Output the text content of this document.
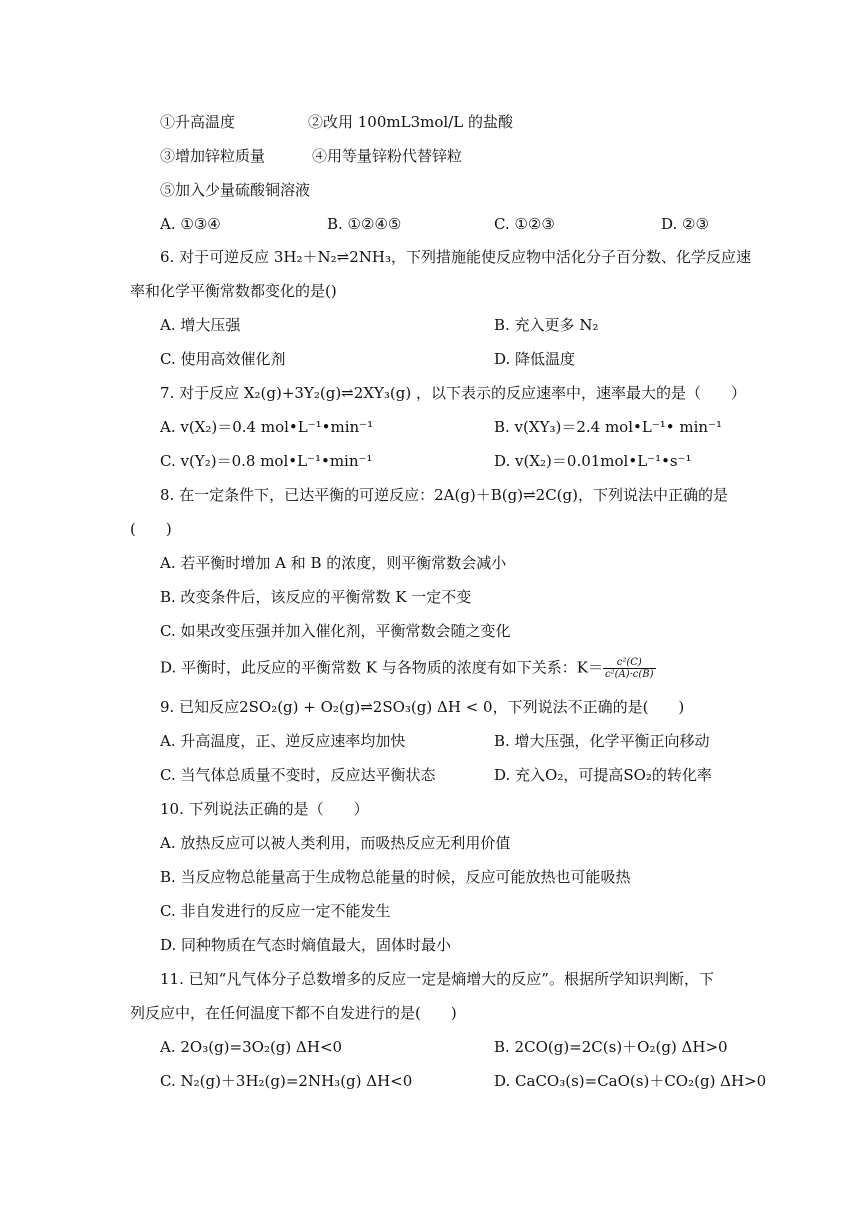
①升高温度	②改用 100mL3mol/L 的盐酸
③增加锌粒质量	④用等量锌粉代替锌粒
⑤加入少量硫酸铜溶液
A. ①③④	B. ①②④⑤	C. ①②③	D. ②③
6. 对于可逆反应 3H₂＋N₂⇌2NH₃，下列措施能使反应物中活化分子百分数、化学反应速
率和化学平衡常数都变化的是()
A. 增大压强	B. 充入更多 N₂
C. 使用高效催化剂	D. 降低温度
7. 对于反应 X₂(g)+3Y₂(g)⇌2XY₃(g) ，以下表示的反应速率中，速率最大的是（　　）
A. v(X₂)＝0.4 mol•L⁻¹•min⁻¹	B. v(XY₃)＝2.4 mol•L⁻¹• min⁻¹
C. v(Y₂)＝0.8 mol•L⁻¹•min⁻¹	D. v(X₂)＝0.01mol•L⁻¹•s⁻¹
8. 在一定条件下，已达平衡的可逆反应：2A(g)＋B(g)⇌2C(g)，下列说法中正确的是
(　　)
A. 若平衡时增加 A 和 B 的浓度，则平衡常数会减小
B. 改变条件后，该反应的平衡常数 K 一定不变
C. 如果改变压强并加入催化剂，平衡常数会随之变化
D. 平衡时，此反应的平衡常数 K 与各物质的浓度有如下关系：$K= \frac{\text{c²(C)}}{\text{c²(A)·c(B)}}$
9. 已知反应2SO₂(g) + O₂(g)⇌2SO₃(g) ΔH < 0，下列说法不正确的是(　　)
A. 升高温度，正、逆反应速率均加快	B. 增大压强，化学平衡正向移动
C. 当气体总质量不变时，反应达平衡状态	D. 充入O₂，可提高SO₂的转化率
10. 下列说法正确的是（　　）
A. 放热反应可以被人类利用，而吸热反应无利用价值
B. 当反应物总能量高于生成物总能量的时候，反应可能放热也可能吸热
C. 非自发进行的反应一定不能发生
D. 同种物质在气态时熵值最大，固体时最小
11. 已知“凡气体分子总数增多的反应一定是熵增大的反应”。根据所学知识判断，下
列反应中，在任何温度下都不自发进行的是(　　)
A. 2O₃(g)=3O₂(g) ΔH<0	B. 2CO(g)=2C(s)＋O₂(g) ΔH>0
C. N₂(g)＋3H₂(g)=2NH₃(g) ΔH<0	D. CaCO₃(s)=CaO(s)＋CO₂(g) ΔH>0
